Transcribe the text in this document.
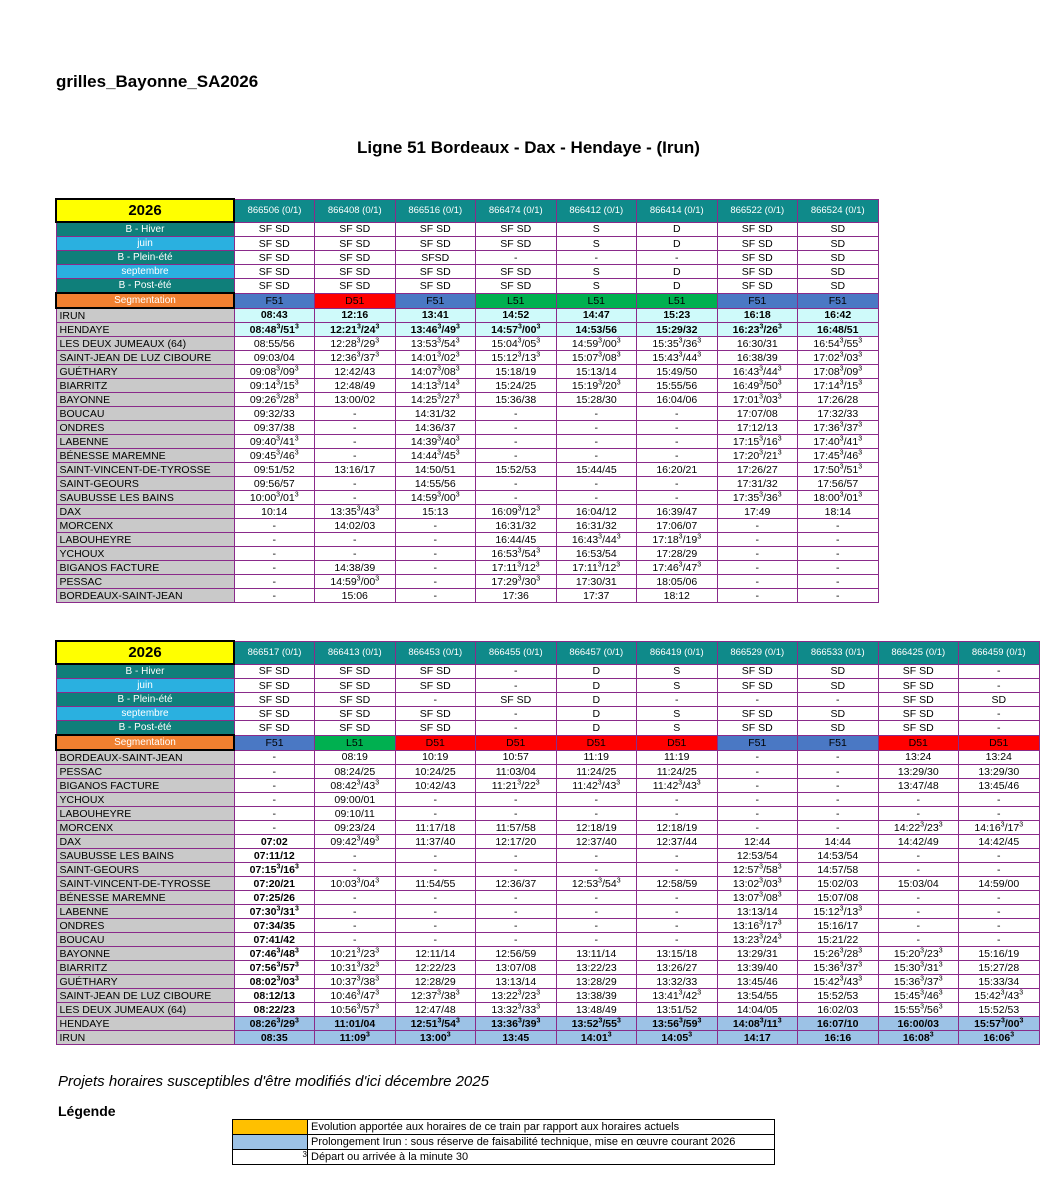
grilles_Bayonne_SA2026
Ligne 51 Bordeaux - Dax - Hendaye - (Irun)
2026	866506 (0/1)	866408 (0/1)	866516 (0/1)	866474 (0/1)	866412 (0/1)	866414 (0/1)	866522 (0/1)	866524 (0/1)
B - Hiver	SF SD	SF SD	SF SD	SF SD	S	D	SF SD	SD
juin	SF SD	SF SD	SF SD	SF SD	S	D	SF SD	SD
B - Plein-été	SF SD	SF SD	SFSD	-	-	-	SF SD	SD
septembre	SF SD	SF SD	SF SD	SF SD	S	D	SF SD	SD
B - Post-été	SF SD	SF SD	SF SD	SF SD	S	D	SF SD	SD
Segmentation	F51	D51	F51	L51	L51	L51	F51	F51
IRUN	08:43	12:16	13:41	14:52	14:47	15:23	16:18	16:42
HENDAYE	$08:48^3/51^3$	$12:21^3/24^3$	$13:46^3/49^3$	$14:57^3/00^3$	14:53/56	15:29/32	$16:23^3/26^3$	16:48/51
LES DEUX JUMEAUX (64)	08:55/56	$12:28^3/29^3$	$13:53^3/54^3$	$15:04^3/05^3$	$14:59^3/00^3$	$15:35^3/36^3$	16:30/31	$16:54^3/55^3$
SAINT-JEAN DE LUZ CIBOURE	09:03/04	$12:36^3/37^3$	$14:01^3/02^3$	$15:12^3/13^3$	$15:07^3/08^3$	$15:43^3/44^3$	16:38/39	$17:02^3/03^3$
GUÉTHARY	$09:08^3/09^3$	12:42/43	$14:07^3/08^3$	15:18/19	15:13/14	15:49/50	$16:43^3/44^3$	$17:08^3/09^3$
BIARRITZ	$09:14^3/15^3$	12:48/49	$14:13^3/14^3$	15:24/25	$15:19^3/20^3$	15:55/56	$16:49^3/50^3$	$17:14^3/15^3$
BAYONNE	$09:26^3/28^3$	13:00/02	$14:25^3/27^3$	15:36/38	15:28/30	16:04/06	$17:01^3/03^3$	17:26/28
BOUCAU	09:32/33	-	14:31/32	-	-	-	17:07/08	17:32/33
ONDRES	09:37/38	-	14:36/37	-	-	-	17:12/13	$17:36^3/37^3$
LABENNE	$09:40^3/41^3$	-	$14:39^3/40^3$	-	-	-	$17:15^3/16^3$	$17:40^3/41^3$
BÉNESSE MAREMNE	$09:45^3/46^3$	-	$14:44^3/45^3$	-	-	-	$17:20^3/21^3$	$17:45^3/46^3$
SAINT-VINCENT-DE-TYROSSE	09:51/52	13:16/17	14:50/51	15:52/53	15:44/45	16:20/21	17:26/27	$17:50^3/51^3$
SAINT-GEOURS	09:56/57	-	14:55/56	-	-	-	17:31/32	17:56/57
SAUBUSSE LES BAINS	$10:00^3/01^3$	-	$14:59^3/00^3$	-	-	-	$17:35^3/36^3$	$18:00^3/01^3$
DAX	10:14	$13:35^3/43^3$	15:13	$16:09^3/12^3$	16:04/12	16:39/47	17:49	18:14
MORCENX	-	14:02/03	-	16:31/32	16:31/32	17:06/07	-	-
LABOUHEYRE	-	-	-	16:44/45	$16:43^3/44^3$	$17:18^3/19^3$	-	-
YCHOUX	-	-	-	$16:53^3/54^3$	16:53/54	17:28/29	-	-
BIGANOS FACTURE	-	14:38/39	-	$17:11^3/12^3$	$17:11^3/12^3$	$17:46^3/47^3$	-	-
PESSAC	-	$14:59^3/00^3$	-	$17:29^3/30^3$	17:30/31	18:05/06	-	-
BORDEAUX-SAINT-JEAN	-	15:06	-	17:36	17:37	18:12	-	-
2026	866517 (0/1)	866413 (0/1)	866453 (0/1)	866455 (0/1)	866457 (0/1)	866419 (0/1)	866529 (0/1)	866533 (0/1)	866425 (0/1)	866459 (0/1)
B - Hiver	SF SD	SF SD	SF SD	-	D	S	SF SD	SD	SF SD	-
juin	SF SD	SF SD	SF SD	-	D	S	SF SD	SD	SF SD	-
B - Plein-été	SF SD	SF SD	-	SF SD	D	-	-	-	SF SD	SD
septembre	SF SD	SF SD	SF SD	-	D	S	SF SD	SD	SF SD	-
B - Post-été	SF SD	SF SD	SF SD	-	D	S	SF SD	SD	SF SD	-
Segmentation	F51	L51	D51	D51	D51	D51	F51	F51	D51	D51
BORDEAUX-SAINT-JEAN	-	08:19	10:19	10:57	11:19	11:19	-	-	13:24	13:24
PESSAC	-	08:24/25	10:24/25	11:03/04	11:24/25	11:24/25	-	-	13:29/30	13:29/30
BIGANOS FACTURE	-	$08:42^3/43^3$	10:42/43	$11:21^3/22^3$	$11:42^3/43^3$	$11:42^3/43^3$	-	-	13:47/48	13:45/46
YCHOUX	-	09:00/01	-	-	-	-	-	-	-	-
LABOUHEYRE	-	09:10/11	-	-	-	-	-	-	-	-
MORCENX	-	09:23/24	11:17/18	11:57/58	12:18/19	12:18/19	-	-	$14:22^3/23^3$	$14:16^3/17^3$
DAX	07:02	$09:42^3/49^3$	11:37/40	12:17/20	12:37/40	12:37/44	12:44	14:44	14:42/49	14:42/45
SAUBUSSE LES BAINS	07:11/12	-	-	-	-	-	12:53/54	14:53/54	-	-
SAINT-GEOURS	$07:15^3/16^3$	-	-	-	-	-	$12:57^3/58^3$	14:57/58	-	-
SAINT-VINCENT-DE-TYROSSE	07:20/21	$10:03^3/04^3$	11:54/55	12:36/37	$12:53^3/54^3$	12:58/59	$13:02^3/03^3$	15:02/03	15:03/04	14:59/00
BÉNESSE MAREMNE	07:25/26	-	-	-	-	-	$13:07^3/08^3$	15:07/08	-	-
LABENNE	$07:30^3/31^3$	-	-	-	-	-	13:13/14	$15:12^3/13^3$	-	-
ONDRES	07:34/35	-	-	-	-	-	$13:16^3/17^3$	15:16/17	-	-
BOUCAU	07:41/42	-	-	-	-	-	$13:23^3/24^3$	15:21/22	-	-
BAYONNE	$07:46^3/48^3$	$10:21^3/23^3$	12:11/14	12:56/59	13:11/14	13:15/18	13:29/31	$15:26^3/28^3$	$15:20^3/23^3$	15:16/19
BIARRITZ	$07:56^3/57^3$	$10:31^3/32^3$	12:22/23	13:07/08	13:22/23	13:26/27	13:39/40	$15:36^3/37^3$	$15:30^3/31^3$	15:27/28
GUÉTHARY	$08:02^3/03^3$	$10:37^3/38^3$	12:28/29	13:13/14	13:28/29	13:32/33	13:45/46	$15:42^3/43^3$	$15:36^3/37^3$	15:33/34
SAINT-JEAN DE LUZ CIBOURE	08:12/13	$10:46^3/47^3$	$12:37^3/38^3$	$13:22^3/23^3$	13:38/39	$13:41^3/42^3$	13:54/55	15:52/53	$15:45^3/46^3$	$15:42^3/43^3$
LES DEUX JUMEAUX (64)	08:22/23	$10:56^3/57^3$	12:47/48	$13:32^3/33^3$	13:48/49	13:51/52	14:04/05	16:02/03	$15:55^3/56^3$	15:52/53
HENDAYE	$08:26^3/29^3$	11:01/04	$12:51^3/54^3$	$13:36^3/39^3$	$13:52^3/55^3$	$13:56^3/59^3$	$14:08^3/11^3$	16:07/10	16:00/03	$15:57^3/00^3$
IRUN	08:35	$11:09^3$	$13:00^3$	13:45	$14:01^3$	$14:05^3$	14:17	16:16	$16:08^3$	$16:06^3$
Projets horaires susceptibles d'être modifiés d'ici décembre 2025
Légende
	Evolution apportée aux horaires de ce train par rapport aux horaires actuels
	Prolongement Irun : sous réserve de faisabilité technique, mise en œuvre courant 2026
3	Départ ou arrivée à la minute 30
